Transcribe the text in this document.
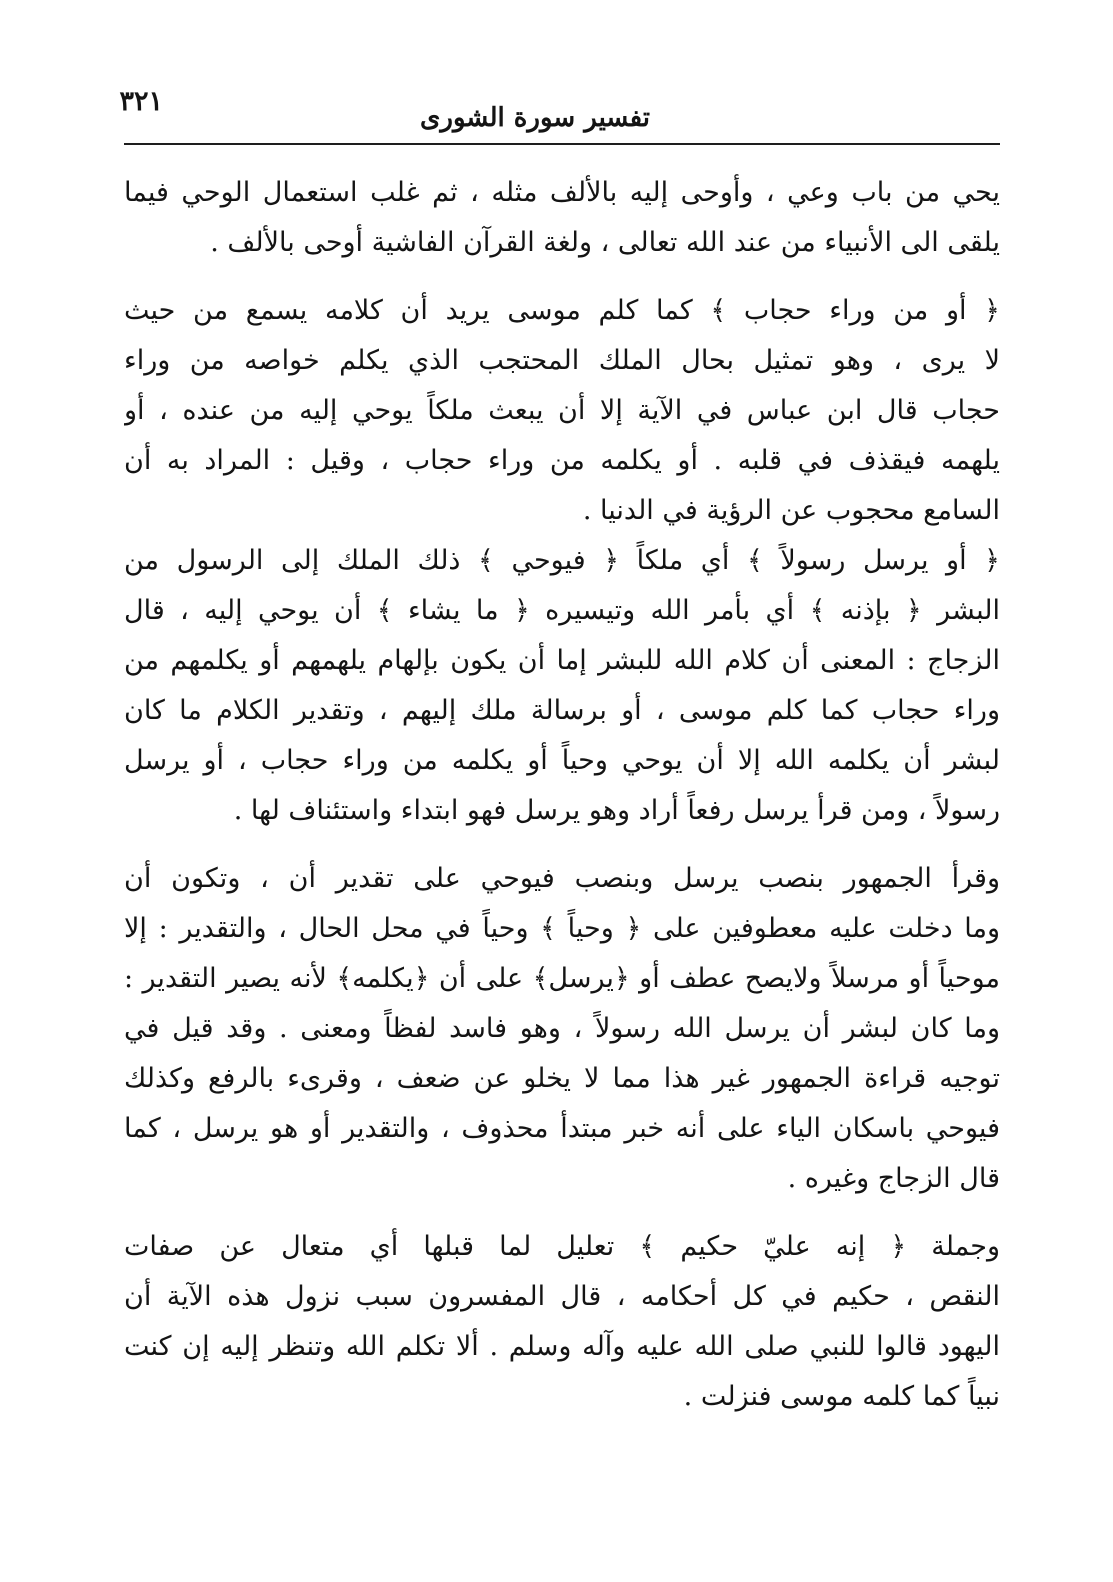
٣٢١
تفسير سورة الشورى
يحي من باب وعي ، وأوحى إليه بالألف مثله ، ثم غلب استعمال الوحي فيما
يلقى الى الأنبياء من عند الله تعالى ، ولغة القرآن الفاشية أوحى بالألف .
﴿ أو من وراء حجاب ﴾ كما كلم موسى يريد أن كلامه يسمع من حيث
لا يرى ، وهو تمثيل بحال الملك المحتجب الذي يكلم خواصه من وراء
حجاب قال ابن عباس في الآية إلا أن يبعث ملكاً يوحي إليه من عنده ، أو
يلهمه فيقذف في قلبه . أو يكلمه من وراء حجاب ، وقيل : المراد به أن
السامع محجوب عن الرؤية في الدنيا .
﴿ أو يرسل رسولاً ﴾ أي ملكاً ﴿ فيوحي ﴾ ذلك الملك إلى الرسول من
البشر ﴿ بإذنه ﴾ أي بأمر الله وتيسيره ﴿ ما يشاء ﴾ أن يوحي إليه ، قال
الزجاج : المعنى أن كلام الله للبشر إما أن يكون بإلهام يلهمهم أو يكلمهم من
وراء حجاب كما كلم موسى ، أو برسالة ملك إليهم ، وتقدير الكلام ما كان
لبشر أن يكلمه الله إلا أن يوحي وحياً أو يكلمه من وراء حجاب ، أو يرسل
رسولاً ، ومن قرأ يرسل رفعاً أراد وهو يرسل فهو ابتداء واستئناف لها .
وقرأ الجمهور بنصب يرسل وبنصب فيوحي على تقدير أن ، وتكون أن
وما دخلت عليه معطوفين على ﴿ وحياً ﴾ وحياً في محل الحال ، والتقدير : إلا
موحياً أو مرسلاً ولايصح عطف أو ﴿يرسل﴾ على أن ﴿يكلمه﴾ لأنه يصير التقدير :
وما كان لبشر أن يرسل الله رسولاً ، وهو فاسد لفظاً ومعنى . وقد قيل في
توجيه قراءة الجمهور غير هذا مما لا يخلو عن ضعف ، وقرىء بالرفع وكذلك
فيوحي باسكان الياء على أنه خبر مبتدأ محذوف ، والتقدير أو هو يرسل ، كما
قال الزجاج وغيره .
وجملة ﴿ إنه عليّ حكيم ﴾ تعليل لما قبلها أي متعال عن صفات
النقص ، حكيم في كل أحكامه ، قال المفسرون سبب نزول هذه الآية أن
اليهود قالوا للنبي صلى الله عليه وآله وسلم . ألا تكلم الله وتنظر إليه إن كنت
نبياً كما كلمه موسى فنزلت .
